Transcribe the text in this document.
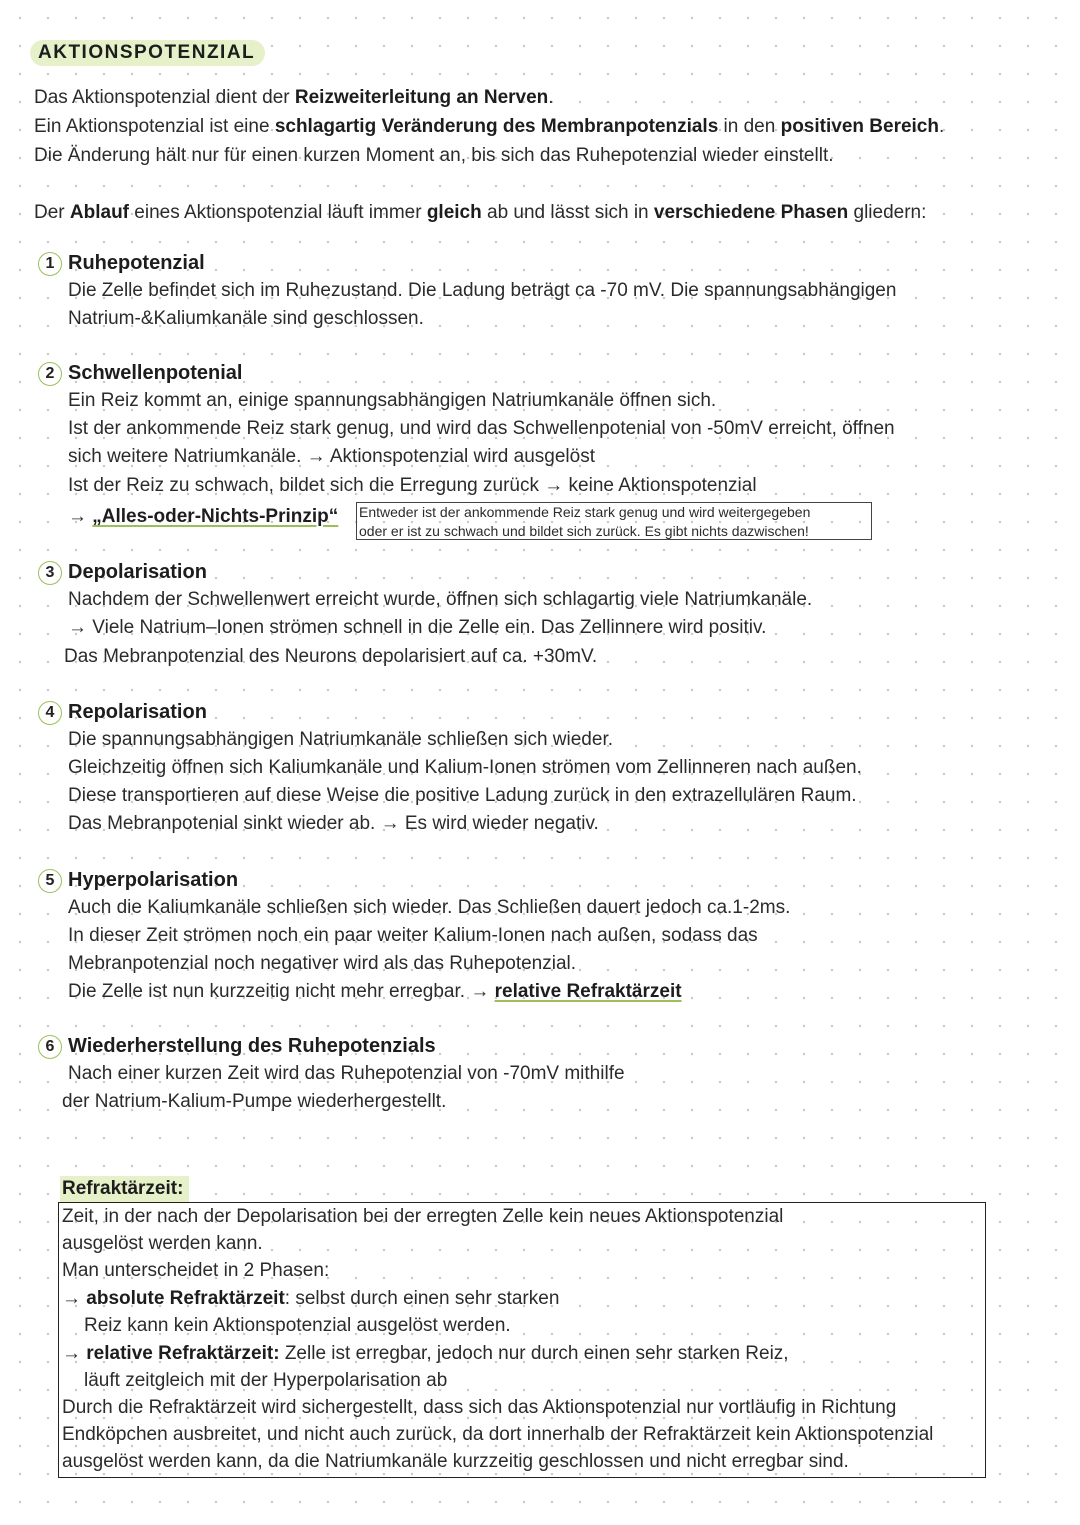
AKTIONSPOTENZIAL
Das Aktionspotenzial dient der Reizweiterleitung an Nerven.
Ein Aktionspotenzial ist eine schlagartig Veränderung des Membranpotenzials in den positiven Bereich.
Die Änderung hält nur für einen kurzen Moment an, bis sich das Ruhepotenzial wieder einstellt.
Der Ablauf eines Aktionspotenzial läuft immer gleich ab und lässt sich in verschiedene Phasen gliedern:
1 Ruhepotenzial
Die Zelle befindet sich im Ruhezustand. Die Ladung beträgt ca -70 mV. Die spannungsabhängigen
Natrium-&Kaliumkanäle sind geschlossen.
2 Schwellenpotenial
Ein Reiz kommt an, einige spannungsabhängigen Natriumkanäle öffnen sich.
Ist der ankommende Reiz stark genug, und wird das Schwellenpotenial von -50mV erreicht, öffnen
sich weitere Natriumkanäle. → Aktionspotenzial wird ausgelöst
Ist der Reiz zu schwach, bildet sich die Erregung zurück → keine Aktionspotenzial
→ „Alles-oder-Nichts-Prinzip“ Entweder ist der ankommende Reiz stark genug und wird weitergegeben
oder er ist zu schwach und bildet sich zurück. Es gibt nichts dazwischen!
3 Depolarisation
Nachdem der Schwellenwert erreicht wurde, öffnen sich schlagartig viele Natriumkanäle.
→ Viele Natrium–Ionen strömen schnell in die Zelle ein. Das Zellinnere wird positiv.
Das Mebranpotenzial des Neurons depolarisiert auf ca. +30mV.
4 Repolarisation
Die spannungsabhängigen Natriumkanäle schließen sich wieder.
Gleichzeitig öffnen sich Kaliumkanäle und Kalium-Ionen strömen vom Zellinneren nach außen.
Diese transportieren auf diese Weise die positive Ladung zurück in den extrazellulären Raum.
Das Mebranpotenial sinkt wieder ab. → Es wird wieder negativ.
5 Hyperpolarisation
Auch die Kaliumkanäle schließen sich wieder. Das Schließen dauert jedoch ca.1-2ms.
In dieser Zeit strömen noch ein paar weiter Kalium-Ionen nach außen, sodass das
Mebranpotenzial noch negativer wird als das Ruhepotenzial.
Die Zelle ist nun kurzzeitig nicht mehr erregbar. → relative Refraktärzeit
6 Wiederherstellung des Ruhepotenzials
Nach einer kurzen Zeit wird das Ruhepotenzial von -70mV mithilfe
der Natrium-Kalium-Pumpe wiederhergestellt.
Refraktärzeit:
Zeit, in der nach der Depolarisation bei der erregten Zelle kein neues Aktionspotenzial
ausgelöst werden kann.
Man unterscheidet in 2 Phasen:
→ absolute Refraktärzeit: selbst durch einen sehr starken
Reiz kann kein Aktionspotenzial ausgelöst werden.
→ relative Refraktärzeit: Zelle ist erregbar, jedoch nur durch einen sehr starken Reiz,
läuft zeitgleich mit der Hyperpolarisation ab
Durch die Refraktärzeit wird sichergestellt, dass sich das Aktionspotenzial nur vortläufig in Richtung
Endköpchen ausbreitet, und nicht auch zurück, da dort innerhalb der Refraktärzeit kein Aktionspotenzial
ausgelöst werden kann, da die Natriumkanäle kurzzeitig geschlossen und nicht erregbar sind.
